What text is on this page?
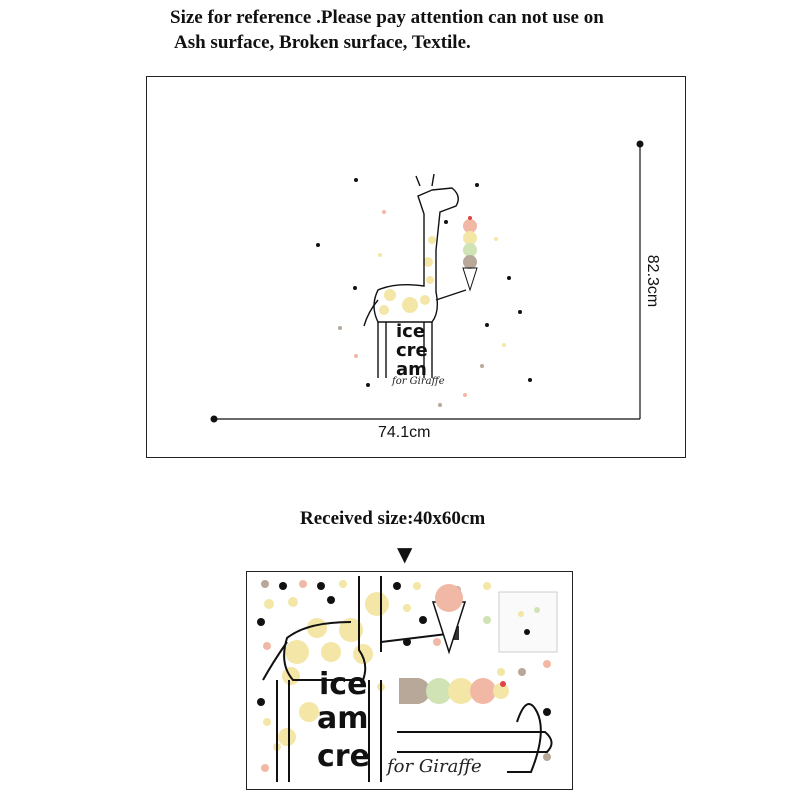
Size for reference .Please pay attention can not use on
Ash surface, Broken surface, Textile.
ice
cre
am
for Giraffe
74.1cm
82.3cm
Received size:40x60cm
▼
ice
am
cre for Giraffe
